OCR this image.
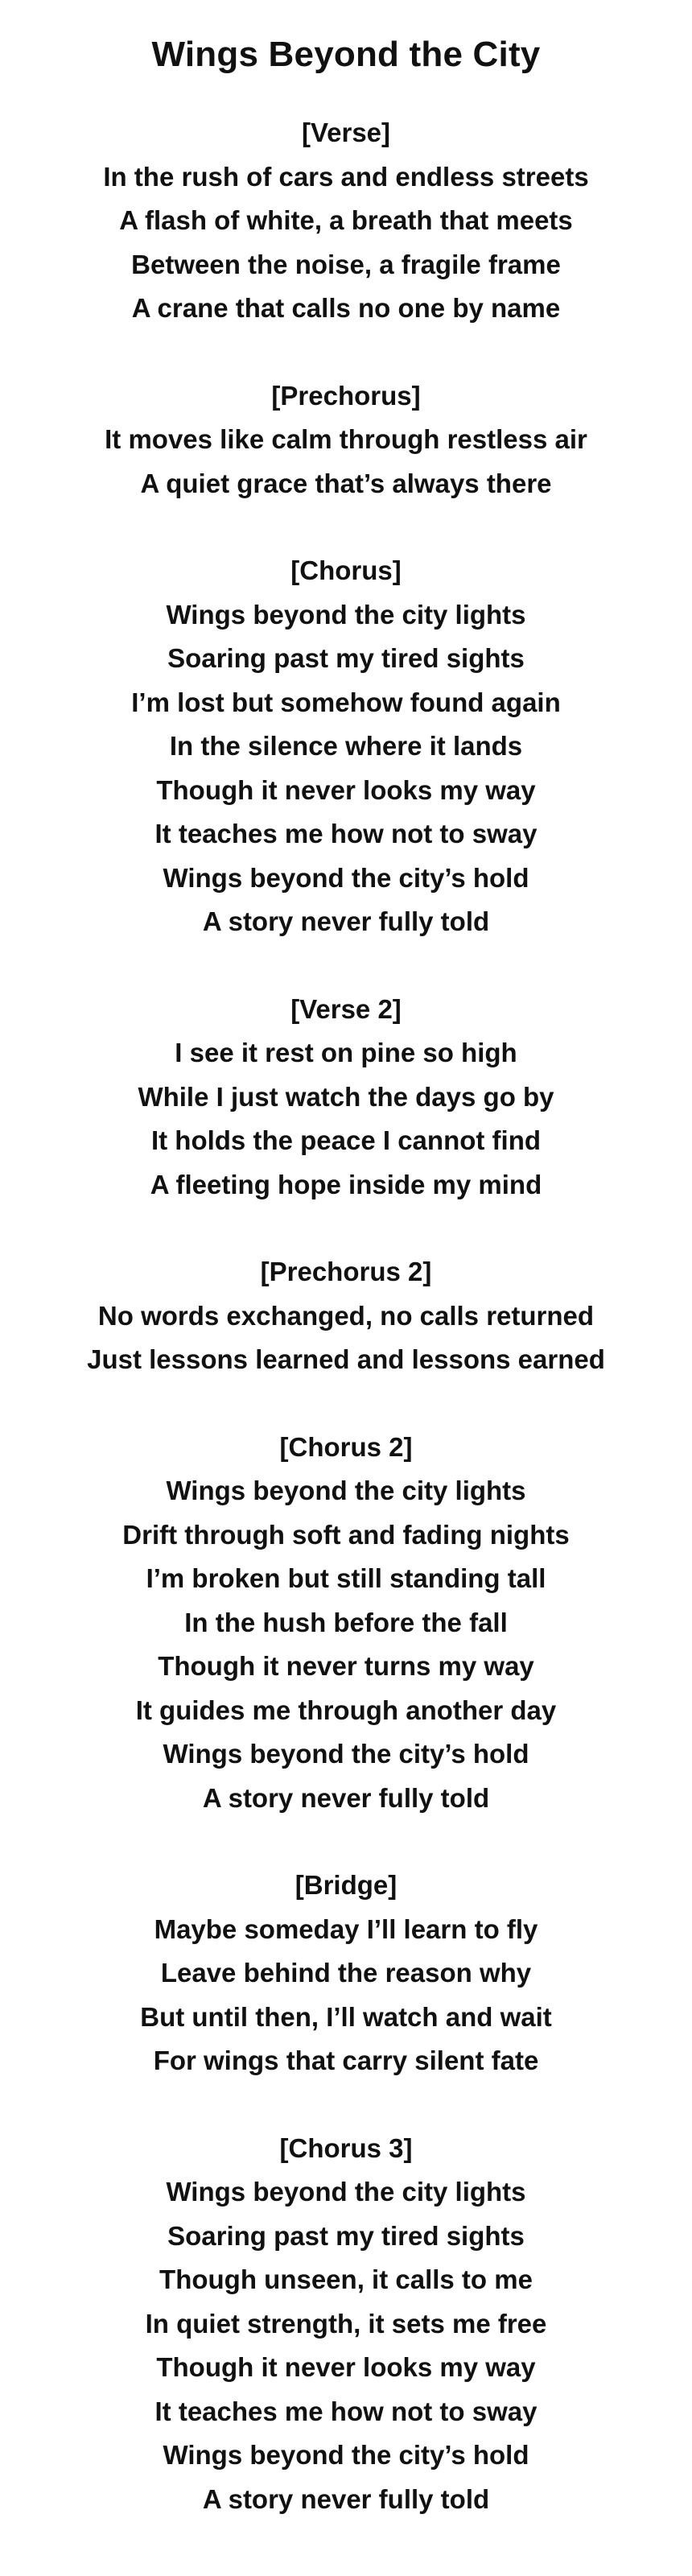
Wings Beyond the City
[Verse]
In the rush of cars and endless streets
A flash of white, a breath that meets
Between the noise, a fragile frame
A crane that calls no one by name
[Prechorus]
It moves like calm through restless air
A quiet grace that’s always there
[Chorus]
Wings beyond the city lights
Soaring past my tired sights
I’m lost but somehow found again
In the silence where it lands
Though it never looks my way
It teaches me how not to sway
Wings beyond the city’s hold
A story never fully told
[Verse 2]
I see it rest on pine so high
While I just watch the days go by
It holds the peace I cannot find
A fleeting hope inside my mind
[Prechorus 2]
No words exchanged, no calls returned
Just lessons learned and lessons earned
[Chorus 2]
Wings beyond the city lights
Drift through soft and fading nights
I’m broken but still standing tall
In the hush before the fall
Though it never turns my way
It guides me through another day
Wings beyond the city’s hold
A story never fully told
[Bridge]
Maybe someday I’ll learn to fly
Leave behind the reason why
But until then, I’ll watch and wait
For wings that carry silent fate
[Chorus 3]
Wings beyond the city lights
Soaring past my tired sights
Though unseen, it calls to me
In quiet strength, it sets me free
Though it never looks my way
It teaches me how not to sway
Wings beyond the city’s hold
A story never fully told
